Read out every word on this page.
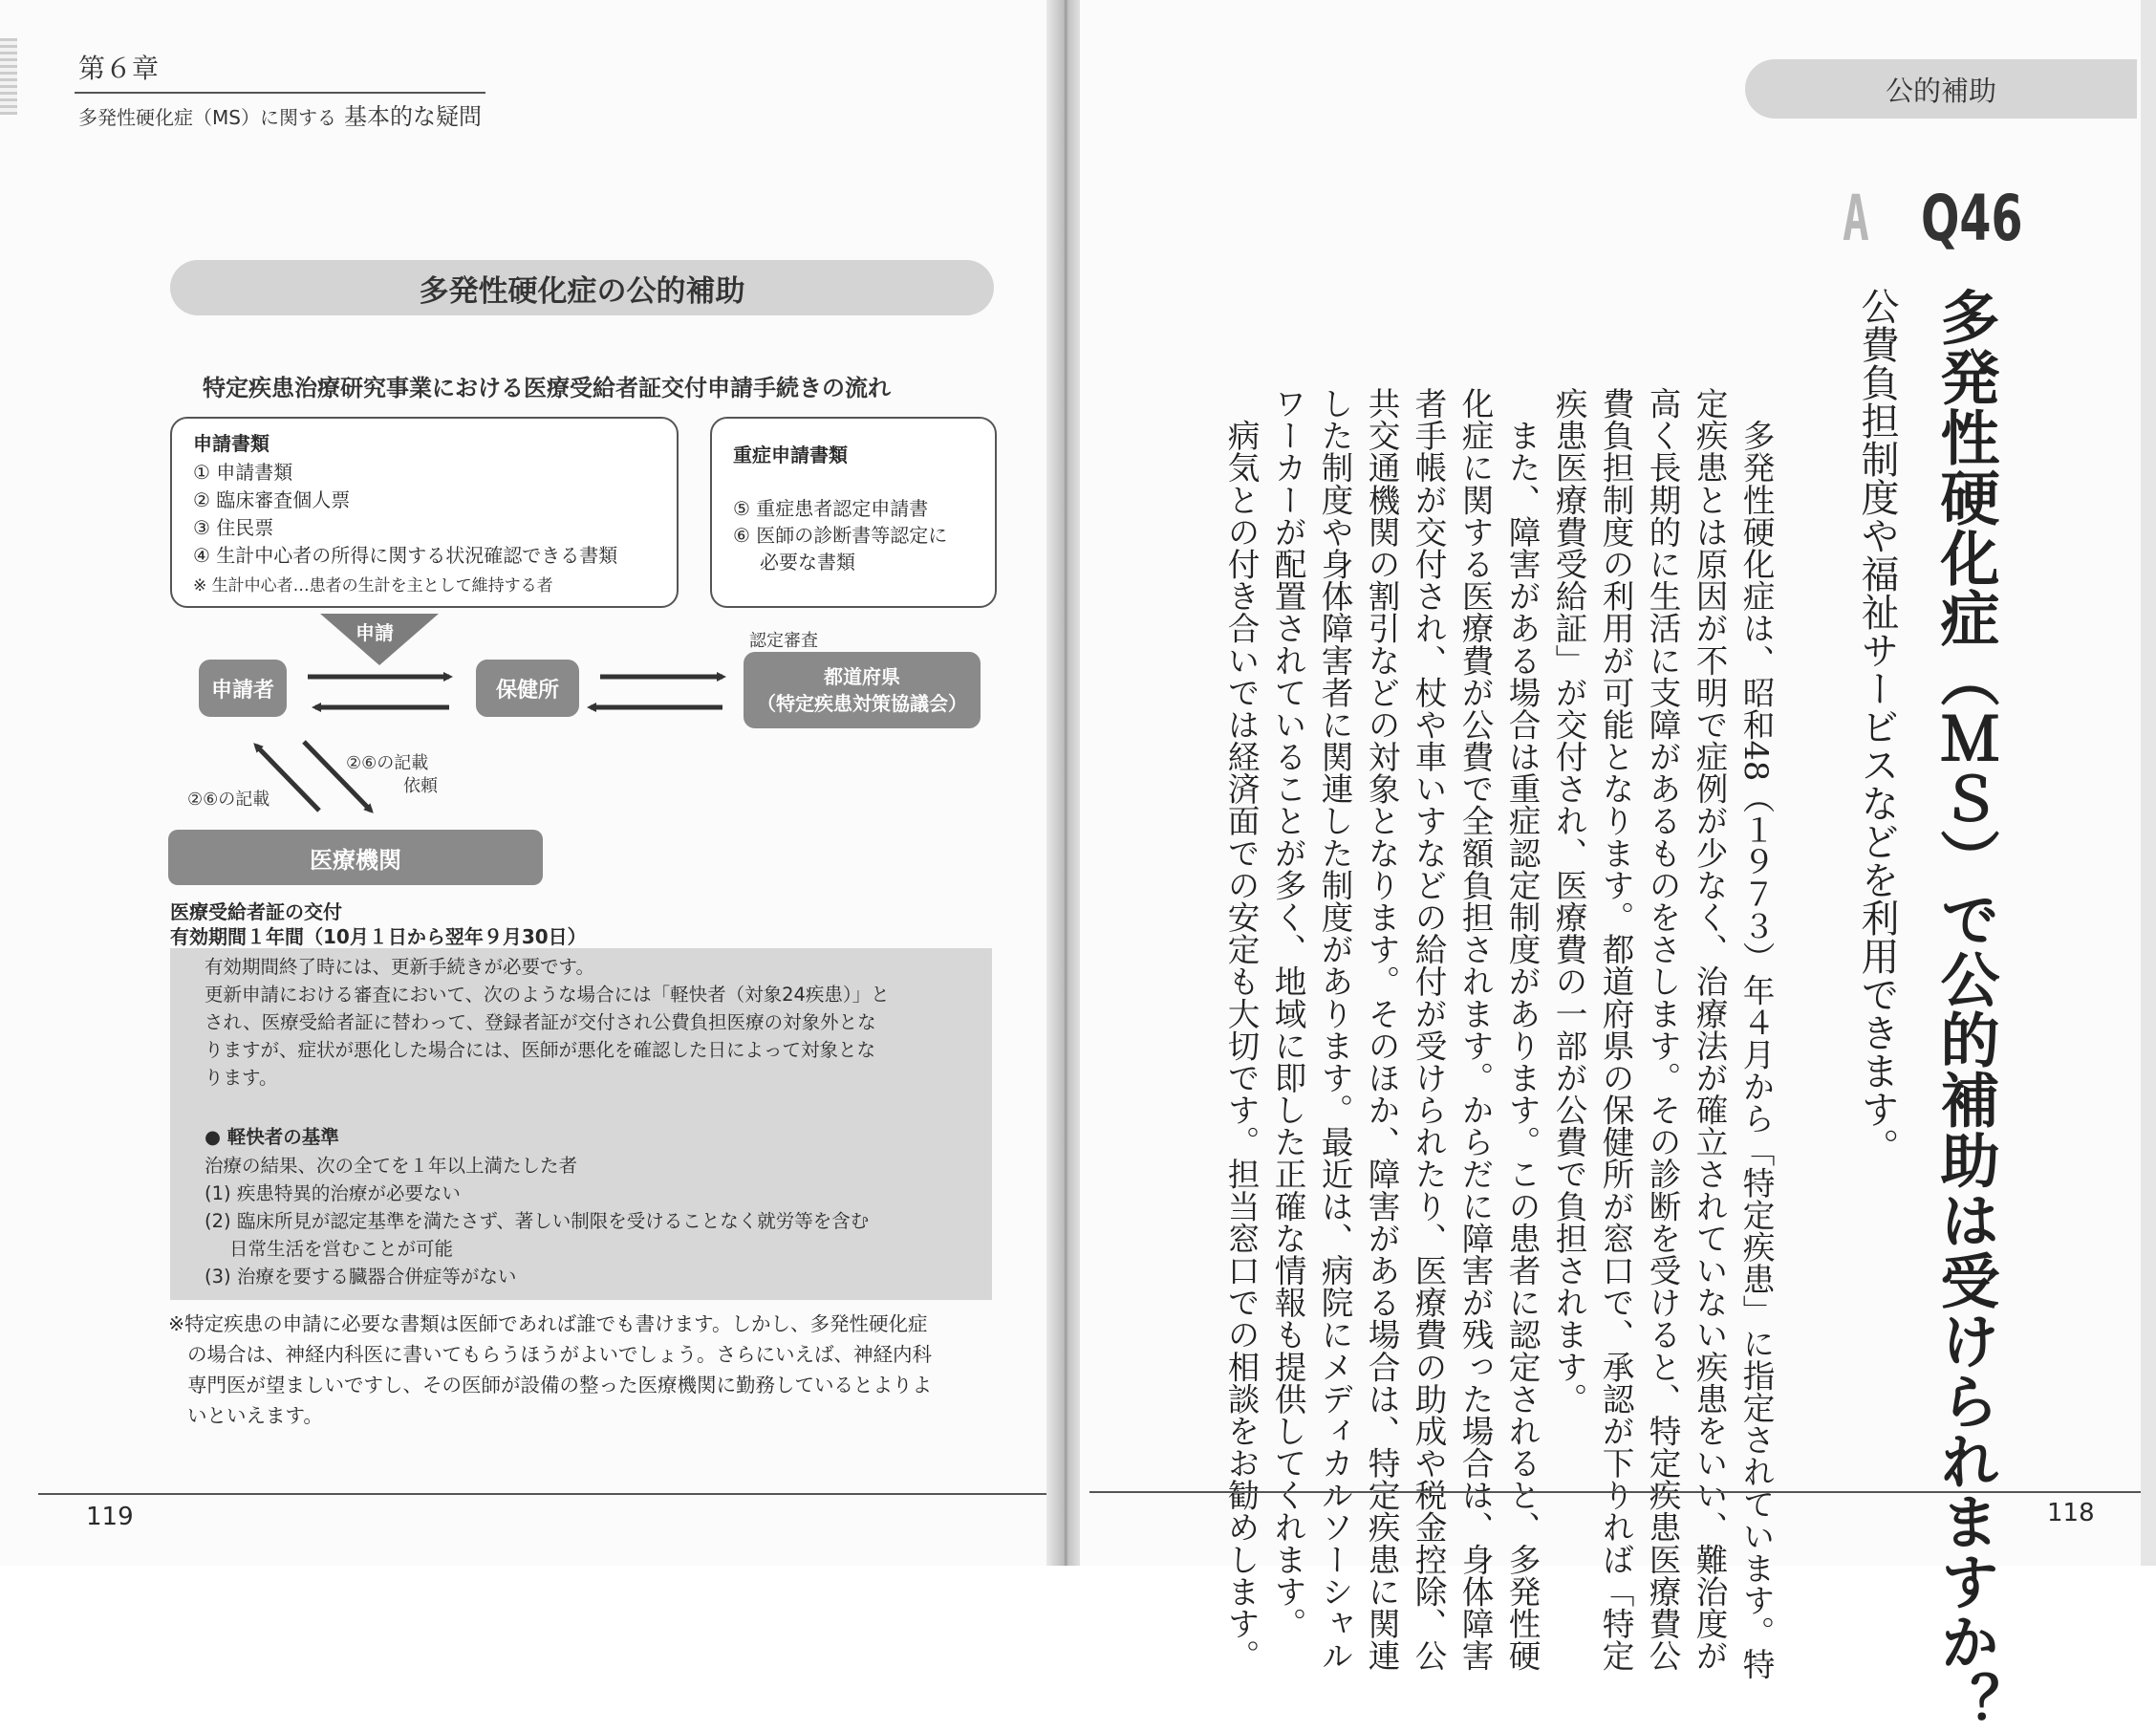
第６章
多発性硬化症（MS）に関する 基本的な疑問
多発性硬化症の公的補助
特定疾患治療研究事業における医療受給者証交付申請手続きの流れ
申請書類
① 申請書類
② 臨床審査個人票
③ 住民票
④ 生計中心者の所得に関する状況確認できる書類
※ 生計中心者…患者の生計を主として維持する者
重症申請書類
⑤ 重症患者認定申請書
⑥ 医師の診断書等認定に
必要な書類
申請
申請者	保健所
認定審査
都道府県
（特定疾患対策協議会）
②⑥の記載
依頼
②⑥の記載
医療機関
医療受給者証の交付
有効期間１年間（10月１日から翌年９月30日）
有効期間終了時には、更新手続きが必要です。
更新申請における審査において、次のような場合には「軽快者（対象24疾患）」と
され、医療受給者証に替わって、登録者証が交付され公費負担医療の対象外とな
りますが、症状が悪化した場合には、医師が悪化を確認した日によって対象とな
ります。
● 軽快者の基準
治療の結果、次の全てを１年以上満たした者
(1) 疾患特異的治療が必要ない
(2) 臨床所見が認定基準を満たさず、著しい制限を受けることなく就労等を含む
日常生活を営むことが可能
(3) 治療を要する臓器合併症等がない
※特定疾患の申請に必要な書類は医師であれば誰でも書けます。しかし、多発性硬化症
の場合は、神経内科医に書いてもらうほうがよいでしょう。さらにいえば、神経内科
専門医が望ましいですし、その医師が設備の整った医療機関に勤務しているとよりよ
いといえます。
119
公的補助
A Q46
多発性硬化症（ＭＳ）で公的補助は受けられますか？
公費負担制度や福祉サービスなどを利用できます。
　多発性硬化症は、昭和48（１９７３）年４月から「特定疾患」に指定されています。特
定疾患とは原因が不明で症例が少なく、治療法が確立されていない疾患をいい、難治度が
高く長期的に生活に支障があるものをさします。その診断を受けると、特定疾患医療費公
費負担制度の利用が可能となります。都道府県の保健所が窓口で、承認が下りれば「特定
疾患医療費受給証」が交付され、医療費の一部が公費で負担されます。
　また、障害がある場合は重症認定制度があります。この患者に認定されると、多発性硬
化症に関する医療費が公費で全額負担されます。からだに障害が残った場合は、身体障害
者手帳が交付され、杖や車いすなどの給付が受けられたり、医療費の助成や税金控除、公
共交通機関の割引などの対象となります。そのほか、障害がある場合は、特定疾患に関連
した制度や身体障害者に関連した制度があります。最近は、病院にメディカルソーシャル
ワーカーが配置されていることが多く、地域に即した正確な情報も提供してくれます。
　病気との付き合いでは経済面での安定も大切です。担当窓口での相談をお勧めします。	118
